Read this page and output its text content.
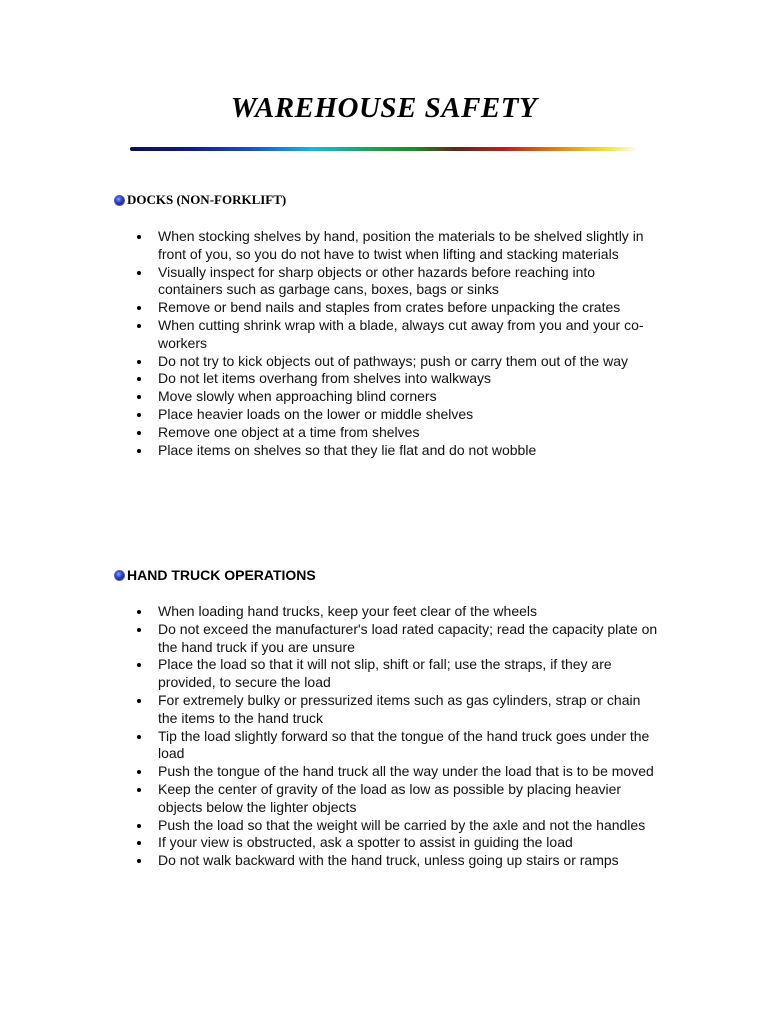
WAREHOUSE SAFETY
DOCKS (NON-FORKLIFT)
When stocking shelves by hand, position the materials to be shelved slightly in front of you, so you do not have to twist when lifting and stacking materials
Visually inspect for sharp objects or other hazards before reaching into containers such as garbage cans, boxes, bags or sinks
Remove or bend nails and staples from crates before unpacking the crates
When cutting shrink wrap with a blade, always cut away from you and your co-workers
Do not try to kick objects out of pathways; push or carry them out of the way
Do not let items overhang from shelves into walkways
Move slowly when approaching blind corners
Place heavier loads on the lower or middle shelves
Remove one object at a time from shelves
Place items on shelves so that they lie flat and do not wobble
HAND TRUCK OPERATIONS
When loading hand trucks, keep your feet clear of the wheels
Do not exceed the manufacturer's load rated capacity; read the capacity plate on the hand truck if you are unsure
Place the load so that it will not slip, shift or fall; use the straps, if they are provided, to secure the load
For extremely bulky or pressurized items such as gas cylinders, strap or chain the items to the hand truck
Tip the load slightly forward so that the tongue of the hand truck goes under the load
Push the tongue of the hand truck all the way under the load that is to be moved
Keep the center of gravity of the load as low as possible by placing heavier objects below the lighter objects
Push the load so that the weight will be carried by the axle and not the handles
If your view is obstructed, ask a spotter to assist in guiding the load
Do not walk backward with the hand truck, unless going up stairs or ramps
